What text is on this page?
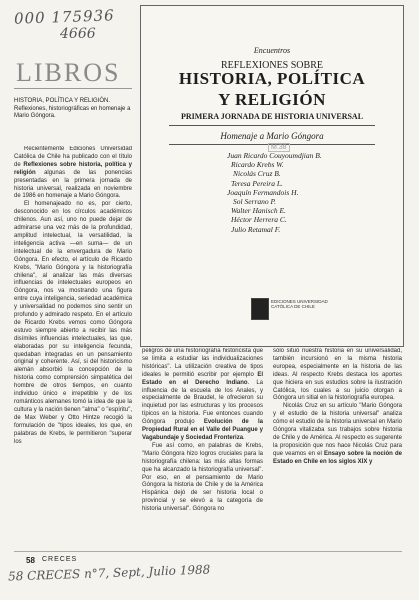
000 175936
4666
LIBROS
Encuentros
REFLEXIONES SOBRE
HISTORIA, POLÍTICA
Y RELIGIÓN
PRIMERA JORNADA DE HISTORIA UNIVERSAL
Homenaje a Mario Góngora
Juan Ricardo Couyoumdjian B.
Ricardo Krebs W.
Nicolás Cruz B.
Teresa Pereira L.
Joaquín Fermandois H.
Sol Serrano P.
Walter Hanisch E.
Héctor Herrera C.
Julio Retamal F.
EDICIONES UNIVERSIDAD CATÓLICA DE CHILE
M.38

HISTORIA, POLÍTICA Y RELIGIÓN. Reflexiones, historiográficas en homenaje a Mario Góngora.

Recientemente Ediciones Universidad Católica de Chile ha publicado con el título de Reflexiones sobre historia, política y religión algunas de las ponencias presentadas en la primera jornada de historia universal, realizada en noviembre de 1986 en homenaje a Mario Góngora.

El homenajeado no es, por cierto, desconocido en los círculos académicos chilenos. Aun así, uno no puede dejar de admirarse una vez más de la profundidad, amplitud intelectual, la versatilidad, la inteligencia activa —en suma— de un intelectual de la envergadura de Mario Góngora. En efecto, el artículo de Ricardo Krebs, "Mario Góngora y la historiografía chilena", al analizar las más diversas influencias de intelectuales europeos en Góngora, nos va mostrando una figura entre cuya inteligencia, seriedad académica y universalidad no podemos sino sentir un profundo y admirado respeto. En el artículo de Ricardo Krebs vemos como Góngora estuvo siempre abierto a recibir las más disímiles influencias intelectuales, las que, elaboradas por su inteligencia fecunda, quedaban integradas en un pensamiento original y coherente. Así, si del historicismo alemán absorbió la concepción de la historia como comprensión simpatética del hombre de otros tiempos, en cuanto individuo único e irrepetible y de los románticos alemanes tomó la idea de que la cultura y la nación tienen "alma" o "espíritu", de Max Weber y Otto Hintze recogió la formulación de "tipos ideales, los que, en palabras de Krebs, le permitieron "superar los

peligros de una historiografía historicista que se limita a estudiar las individualizaciones históricas". La utilización creativa de tipos ideales le permitió escribir por ejemplo El Estado en el Derecho Indiano. La influencia de la escuela de los Anales, y especialmente de Braudel, le ofrecieron su inquietud por las estructuras y los procesos típicos en la historia. Fue entonces cuando Góngora produjo Evolución de la Propiedad Rural en el Valle del Puangue y Vagabundaje y Sociedad Fronteriza.

Fue así como, en palabras de Krebs, "Mario Góngora hizo logros cruciales para la historiografía chilena: las más altas formas que ha alcanzado la historiografía universal". Por eso, en el pensamiento de Mario Góngora la historia de Chile y de la América Hispánica dejó de ser historia local o provincial y se elevó a la categoría de historia universal". Góngora no

sólo situó nuestra historia en su universalidad, también incursionó en la misma historia europea, especialmente en la historia de las ideas. Al respecto Krebs destaca los aportes que hiciera en sus estudios sobre la ilustración Católica, los cuales a su juicio otorgan a Góngora un sitial en la historiografía europea.

Nicolás Cruz en su artículo "Mario Góngora y el estudio de la historia universal" analiza cómo el estudio de la historia universal en Mario Góngora vitalizaba sus trabajos sobre historia de Chile y de América. Al respecto es sugerente la proposición que nos hace Nicolás Cruz para que veamos en el Ensayo sobre la noción de Estado en Chile en los siglos XIX y

58 CRECES
58 CRECES n°7, Sept, Julio 1988
